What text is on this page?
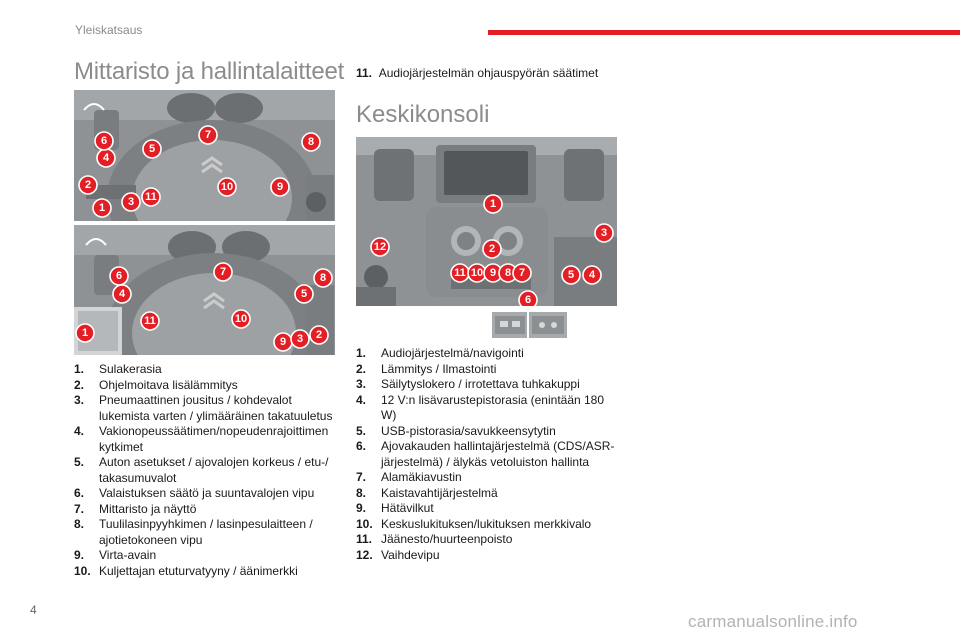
Yleiskatsaus
Mittaristo ja hallintalaitteet
1
2
3 11
4
6
5
7
8
9
10
6
4
7	8
5
1
11	10
9 3 2
1.	Sulakerasia
2.	Ohjelmoitava lisälämmitys
3.	Pneumaattinen jousitus / kohdevalot lukemista varten / ylimääräinen takatuuletus
4.	Vakionopeussäätimen/nopeudenrajoittimen kytkimet
5.	Auton asetukset / ajovalojen korkeus / etu-/ takasumuvalot
6.	Valaistuksen säätö ja suuntavalojen vipu
7.	Mittaristo ja näyttö
8.	Tuulilasinpyyhkimen / lasinpesulaitteen / ajotietokoneen vipu
9.	Virta-avain
10. Kuljettajan etuturvatyyny / äänimerkki
11. Audiojärjestelmän ohjauspyörän säätimet
Keskikonsoli
1
2
12
3
11 10 9 8 7	5 4
6
1.	Audiojärjestelmä/navigointi
2.	Lämmitys / Ilmastointi
3.	Säilytyslokero / irrotettava tuhkakuppi
4.	12 V:n lisävarustepistorasia (enintään 180 W)
5.	USB-pistorasia/savukkeensytytin
6.	Ajovakauden hallintajärjestelmä (CDS/ASR-järjestelmä) / älykäs vetoluiston hallinta
7.	Alamäkiavustin
8.	Kaistavahtijärjestelmä
9.	Hätävilkut
10. Keskuslukituksen/lukituksen merkkivalo
11. Jäänesto/huurteenpoisto
12. Vaihdevipu
4
carmanualsonline.info
